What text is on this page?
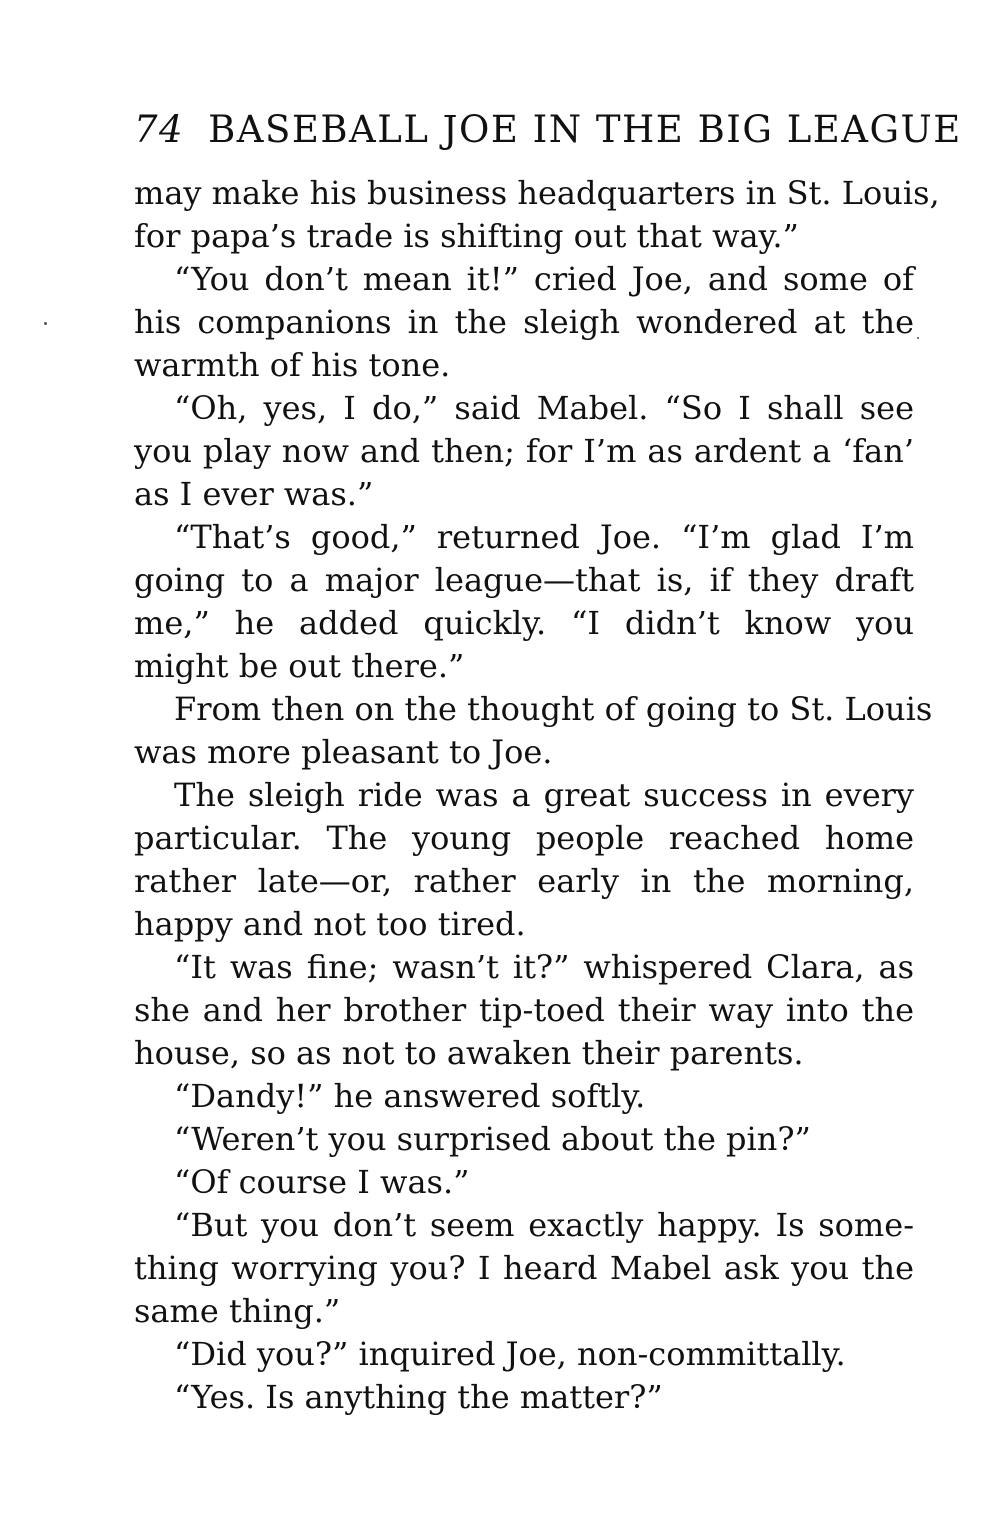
74 BASEBALL JOE IN THE BIG LEAGUE
may make his business headquarters in St. Louis,
for papa’s trade is shifting out that way.”
“You don’t mean it!” cried Joe, and some of
his companions in the sleigh wondered at the
warmth of his tone.
“Oh, yes, I do,” said Mabel. “So I shall see
you play now and then; for I’m as ardent a ‘fan’
as I ever was.”
“That’s good,” returned Joe. “I’m glad I’m
going to a major league—that is, if they draft
me,” he added quickly. “I didn’t know you
might be out there.”
From then on the thought of going to St. Louis
was more pleasant to Joe.
The sleigh ride was a great success in every
particular. The young people reached home
rather late—or, rather early in the morning,
happy and not too tired.
“It was fine; wasn’t it?” whispered Clara, as
she and her brother tip-toed their way into the
house, so as not to awaken their parents.
“Dandy!” he answered softly.
“Weren’t you surprised about the pin?”
“Of course I was.”
“But you don’t seem exactly happy. Is some-
thing worrying you? I heard Mabel ask you the
same thing.”
“Did you?” inquired Joe, non-committally.
“Yes. Is anything the matter?”
